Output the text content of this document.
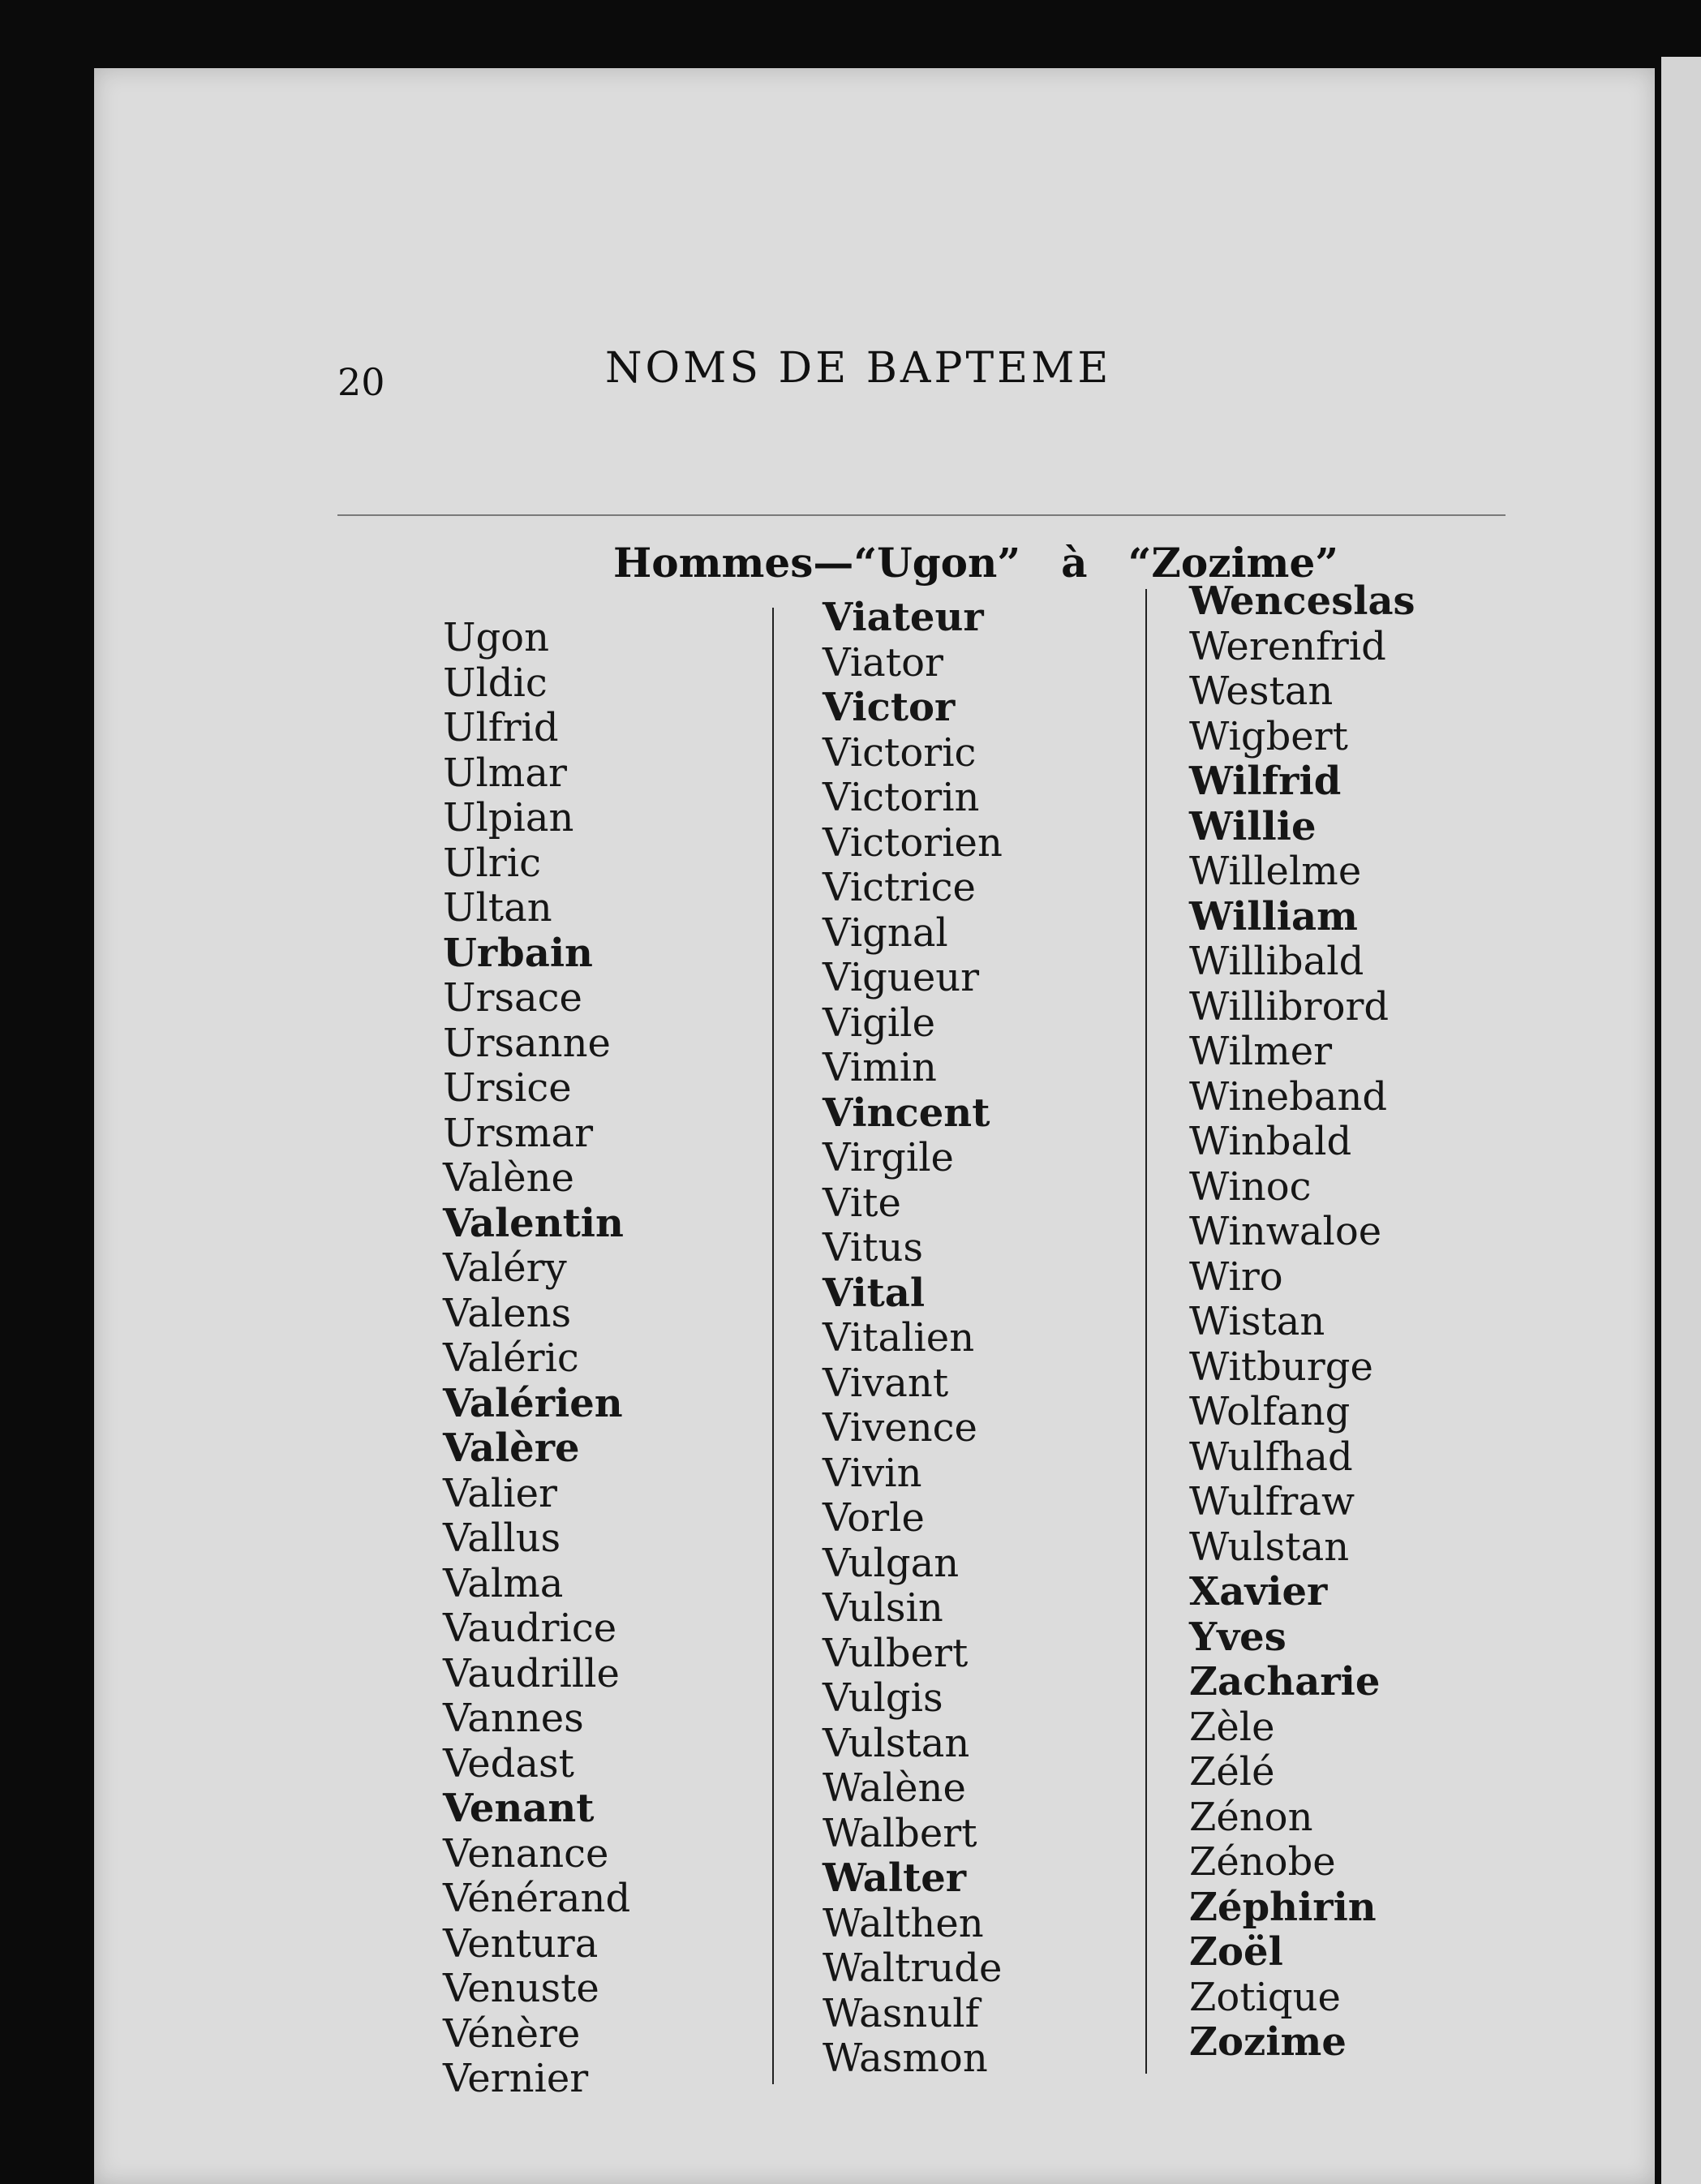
20	NOMS DE BAPTEME
Hommes—“Ugon” à “Zozime”
Ugon
Uldic
Ulfrid
Ulmar
Ulpian
Ulric
Ultan
Urbain
Ursace
Ursanne
Ursice
Ursmar
Valène
Valentin
Valéry
Valens
Valéric
Valérien
Valère
Valier
Vallus
Valma
Vaudrice
Vaudrille
Vannes
Vedast
Venant
Venance
Vénérand
Ventura
Venuste
Vénère
Vernier
Viateur
Viator
Victor
Victoric
Victorin
Victorien
Victrice
Vignal
Vigueur
Vigile
Vimin
Vincent
Virgile
Vite
Vitus
Vital
Vitalien
Vivant
Vivence
Vivin
Vorle
Vulgan
Vulsin
Vulbert
Vulgis
Vulstan
Walène
Walbert
Walter
Walthen
Waltrude
Wasnulf
Wasmon
Wenceslas
Werenfrid
Westan
Wigbert
Wilfrid
Willie
Willelme
William
Willibald
Willibrord
Wilmer
Wineband
Winbald
Winoc
Winwaloe
Wiro
Wistan
Witburge
Wolfang
Wulfhad
Wulfraw
Wulstan
Xavier
Yves
Zacharie
Zèle
Zélé
Zénon
Zénobe
Zéphirin
Zoël
Zotique
Zozime
